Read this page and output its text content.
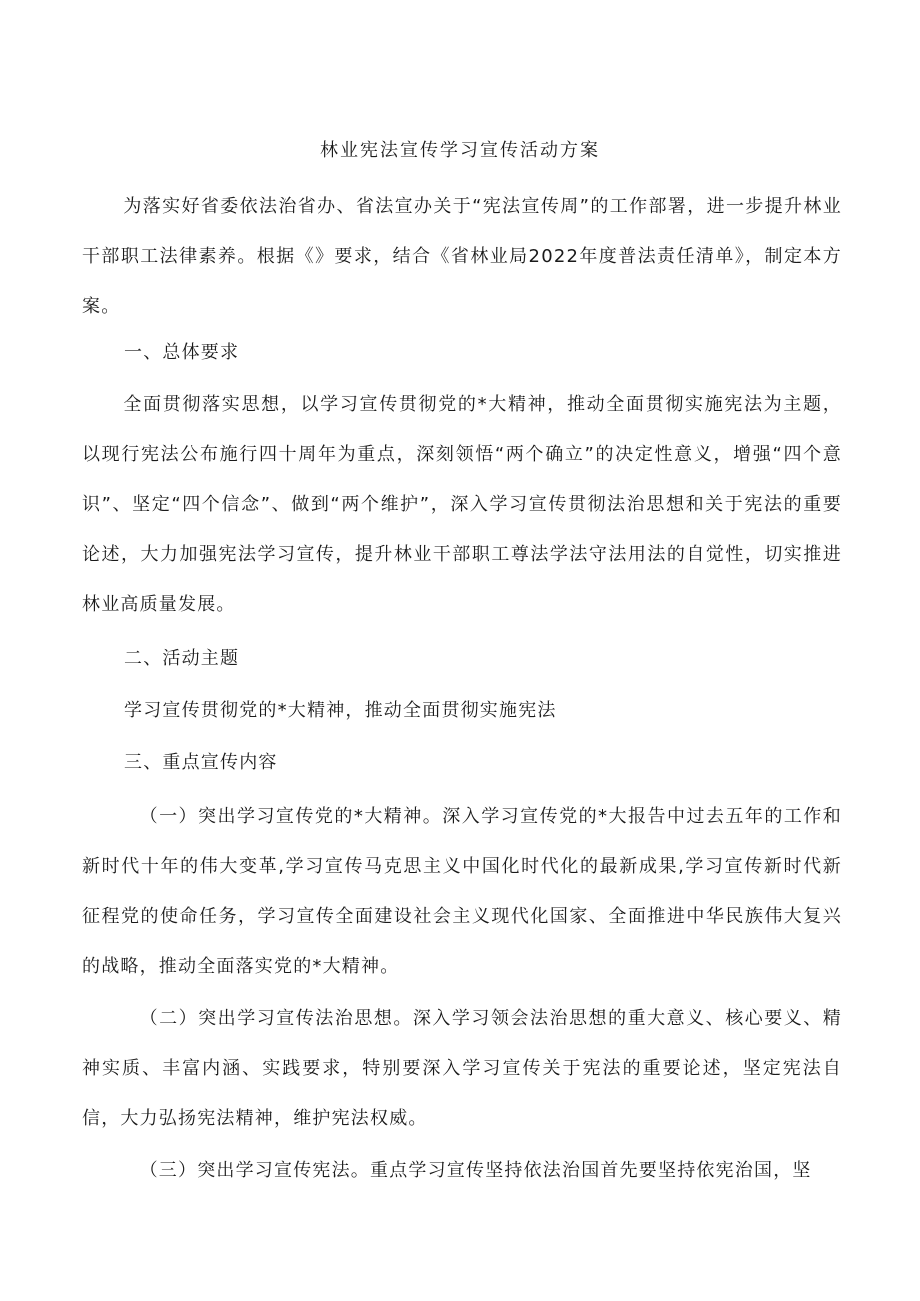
林业宪法宣传学习宣传活动方案

为落实好省委依法治省办、省法宣办关于“宪法宣传周”的工作部署，进一步提升林业干部职工法律素养。根据《》要求，结合《省林业局2022年度普法责任清单》，制定本方案。

一、总体要求

全面贯彻落实思想，以学习宣传贯彻党的*大精神，推动全面贯彻实施宪法为主题，以现行宪法公布施行四十周年为重点，深刻领悟“两个确立”的决定性意义，增强“四个意识”、坚定“四个信念”、做到“两个维护”，深入学习宣传贯彻法治思想和关于宪法的重要论述，大力加强宪法学习宣传，提升林业干部职工尊法学法守法用法的自觉性，切实推进林业高质量发展。

二、活动主题
学习宣传贯彻党的*大精神，推动全面贯彻实施宪法
三、重点宣传内容

（一）突出学习宣传党的*大精神。深入学习宣传党的*大报告中过去五年的工作和新时代十年的伟大变革,学习宣传马克思主义中国化时代化的最新成果,学习宣传新时代新征程党的使命任务，学习宣传全面建设社会主义现代化国家、全面推进中华民族伟大复兴的战略，推动全面落实党的*大精神。

（二）突出学习宣传法治思想。深入学习领会法治思想的重大意义、核心要义、精神实质、丰富内涵、实践要求，特别要深入学习宣传关于宪法的重要论述，坚定宪法自信，大力弘扬宪法精神，维护宪法权威。

（三）突出学习宣传宪法。重点学习宣传坚持依法治国首先要坚持依宪治国，坚
